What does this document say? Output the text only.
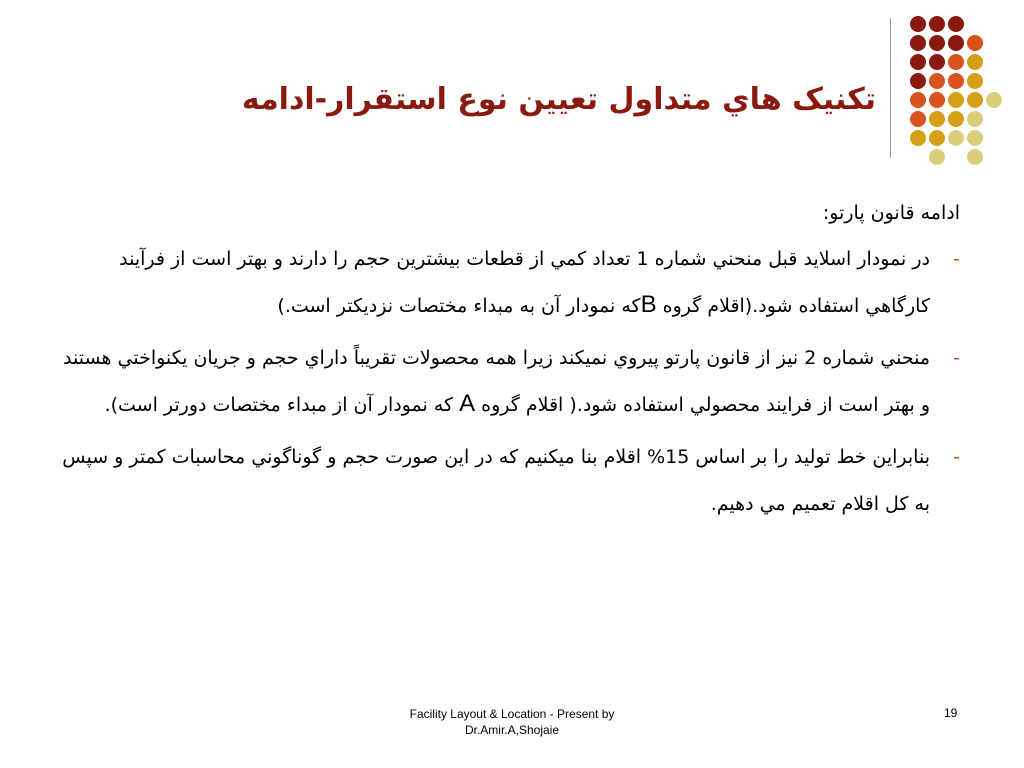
تکنيک هاي متداول تعيين نوع استقرار-ادامه
ادامه قانون پارتو:
-
در نمودار اسلايد قبل منحني شماره 1 تعداد کمي از قطعات بيشترين حجم را دارند و بهتر است از فرآيند کارگاهي استفاده شود.(اقلام گروه Bکه نمودار آن به مبداء مختصات نزديکتر است.)
-
منحني شماره 2 نيز از قانون پارتو پيروي نميکند زيرا همه محصولات تقريباً داراي حجم و جريان يکنواختي هستند و بهتر است از فرايند محصولي استفاده شود.( اقلام گروه A که نمودار آن از مبداء مختصات دورتر است).
-
بنابراين خط توليد را بر اساس 15% اقلام بنا ميکنيم که در اين صورت حجم و گوناگوني محاسبات کمتر و سپس به کل اقلام تعميم مي دهيم.
Facility Layout & Location - Present by
Dr.Amir.A,Shojaie
19
